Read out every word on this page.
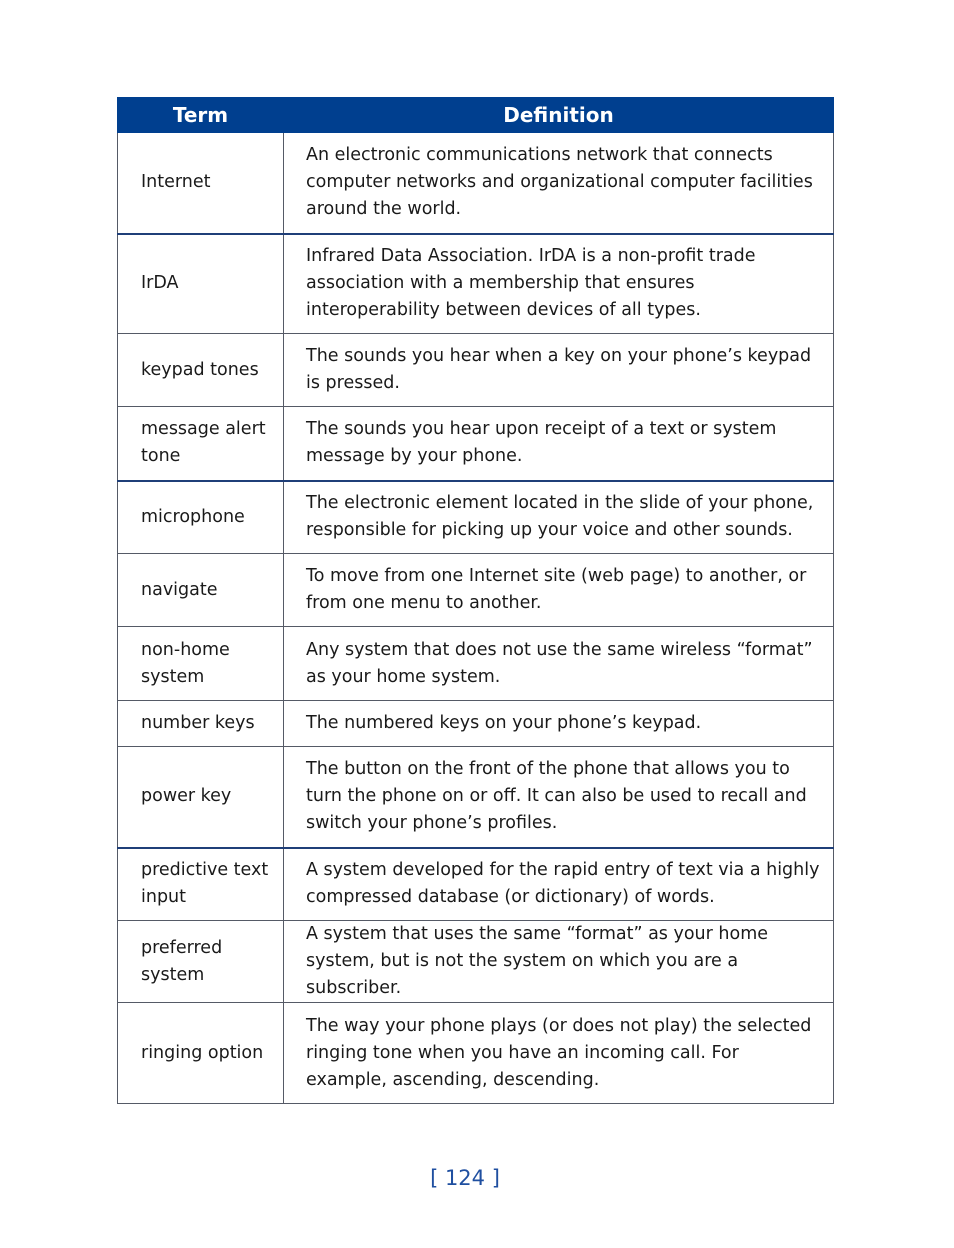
Term	Definition
Internet	An electronic communications network that connects computer networks and organizational computer facilities around the world.
IrDA	Infrared Data Association. IrDA is a non-profit trade association with a membership that ensures interoperability between devices of all types.
keypad tones	The sounds you hear when a key on your phone’s keypad is pressed.
message alert tone	The sounds you hear upon receipt of a text or system message by your phone.
microphone	The electronic element located in the slide of your phone, responsible for picking up your voice and other sounds.
navigate	To move from one Internet site (web page) to another, or from one menu to another.
non-home system	Any system that does not use the same wireless “format” as your home system.
number keys	The numbered keys on your phone’s keypad.
power key	The button on the front of the phone that allows you to turn the phone on or off. It can also be used to recall and switch your phone’s profiles.
predictive text input	A system developed for the rapid entry of text via a highly compressed database (or dictionary) of words.
preferred system	A system that uses the same “format” as your home system, but is not the system on which you are a subscriber.
ringing option	The way your phone plays (or does not play) the selected ringing tone when you have an incoming call. For example, ascending, descending.
[ 124 ]
